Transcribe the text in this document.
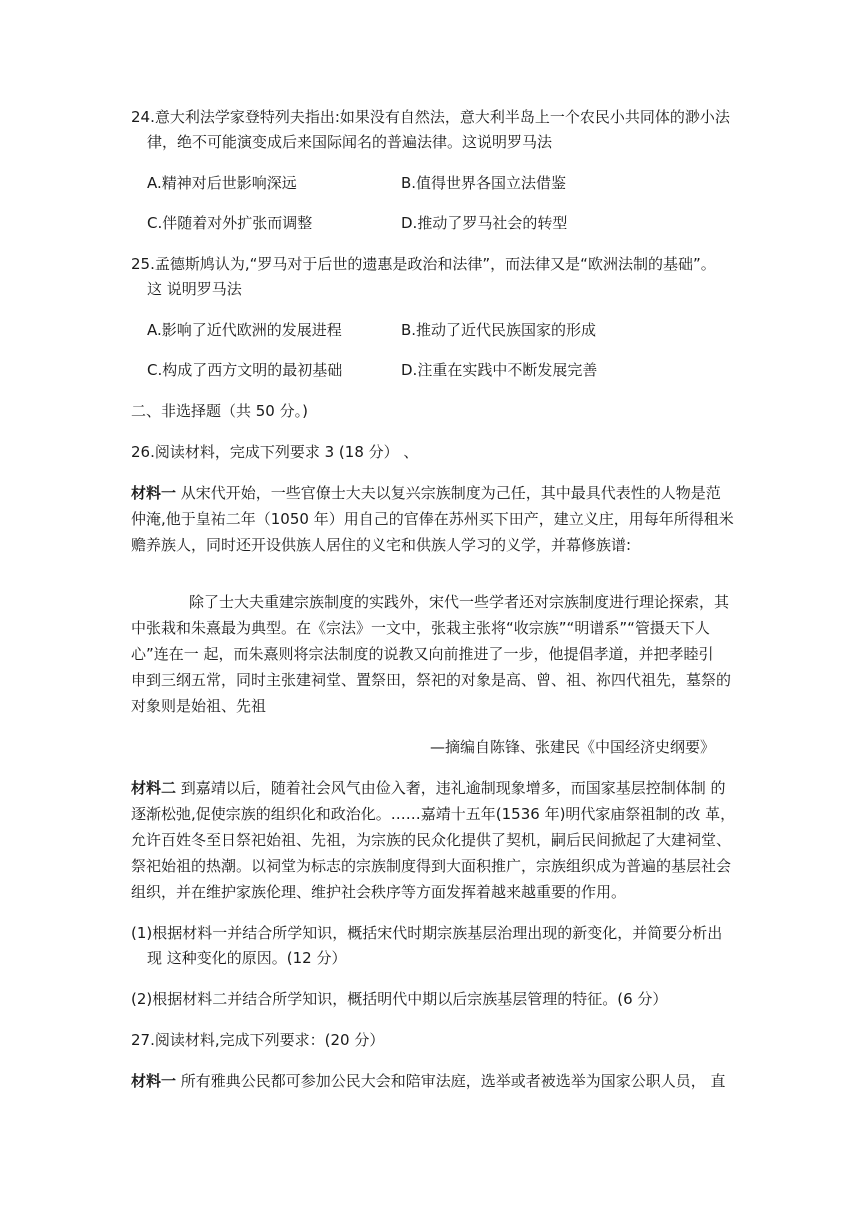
24.意大利法学家登特列夫指出:如果没有自然法，意大利半岛上一个农民小共同体的渺小法
律，绝不可能演变成后来国际闻名的普遍法律。这说明罗马法
A.精神对后世影响深远	B.值得世界各国立法借鉴
C.伴随着对外扩张而调整	D.推动了罗马社会的转型
25.孟德斯鸠认为,“罗马对于后世的遗惠是政治和法律”，而法律又是“欧洲法制的基础”。
这 说明罗马法
A.影响了近代欧洲的发展进程	B.推动了近代民族国家的形成
C.构成了西方文明的最初基础	D.注重在实践中不断发展完善
二、非选择题（共 50 分。)
26.阅读材料，完成下列要求 3 (18 分） 、
材料一 从宋代开始，一些官僚士大夫以复兴宗族制度为己任，其中最具代表性的人物是范
仲淹,他于皇祐二年（1050 年）用自己的官俸在苏州买下田产，建立义庄，用每年所得租米
赡养族人，同时还开设供族人居住的义宅和供族人学习的义学，并幕修族谱:
除了士大夫重建宗族制度的实践外，宋代一些学者还对宗族制度进行理论探索，其
中张栽和朱熹最为典型。在《宗法》一文中，张栽主张将“收宗族”“明谱系”“管摄天下人
心”连在一 起，而朱熹则将宗法制度的说教又向前推进了一步，他提倡孝道，并把孝睦引
申到三纲五常，同时主张建祠堂、置祭田，祭祀的对象是高、曾、祖、祢四代祖先，墓祭的
对象则是始祖、先祖
—摘编自陈锋、张建民《中国经济史纲要》
材料二 到嘉靖以后，随着社会风气由俭入奢，违礼逾制现象增多，而国家基层控制体制 的
逐渐松弛,促使宗族的组织化和政治化。……嘉靖十五年(1536 年)明代家庙祭祖制的改 革，
允许百姓冬至日祭祀始祖、先祖，为宗族的民众化提供了契机，嗣后民间掀起了大建祠堂、
祭祀始祖的热潮。以祠堂为标志的宗族制度得到大面积推广，宗族组织成为普遍的基层社会
组织，并在维护家族伦理、维护社会秩序等方面发挥着越来越重要的作用。
(1)根据材料一并结合所学知识，概括宋代时期宗族基层治理出现的新变化，并简要分析出
现 这种变化的原因。(12 分）
(2)根据材料二并结合所学知识，概括明代中期以后宗族基层管理的特征。(6 分）
27.阅读材料,完成下列要求：(20 分）
材料一 所有雅典公民都可参加公民大会和陪审法庭，选举或者被选举为国家公职人员， 直
